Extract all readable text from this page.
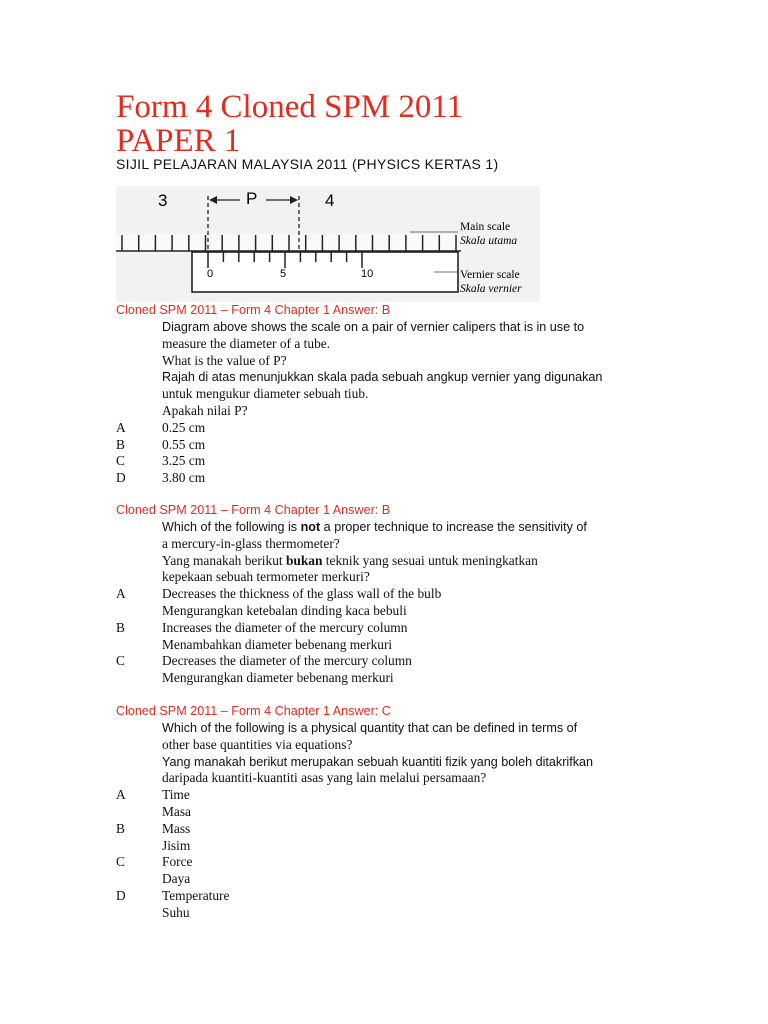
Form 4 Cloned SPM 2011
PAPER 1
SIJIL PELAJARAN MALAYSIA 2011 (PHYSICS KERTAS 1)
P
3	4
0	5	10
Main scale
Skala utama
Vernier scale
Skala vernier
Cloned SPM 2011 – Form 4 Chapter 1 Answer: B
Diagram above shows the scale on a pair of vernier calipers that is in use to
measure the diameter of a tube.
What is the value of P?
Rajah di atas menunjukkan skala pada sebuah angkup vernier yang digunakan
untuk mengukur diameter sebuah tiub.
Apakah nilai P?
A	0.25 cm
B	0.55 cm
C	3.25 cm
D	3.80 cm
Cloned SPM 2011 – Form 4 Chapter 1 Answer: B
Which of the following is not a proper technique to increase the sensitivity of
a mercury-in-glass thermometer?
Yang manakah berikut bukan teknik yang sesuai untuk meningkatkan
kepekaan sebuah termometer merkuri?
A	Decreases the thickness of the glass wall of the bulb
Mengurangkan ketebalan dinding kaca bebuli
B	Increases the diameter of the mercury column
Menambahkan diameter bebenang merkuri
C	Decreases the diameter of the mercury column
Mengurangkan diameter bebenang merkuri
Cloned SPM 2011 – Form 4 Chapter 1 Answer: C
Which of the following is a physical quantity that can be defined in terms of
other base quantities via equations?
Yang manakah berikut merupakan sebuah kuantiti fizik yang boleh ditakrifkan
daripada kuantiti-kuantiti asas yang lain melalui persamaan?
A	Time
Masa
B	Mass
Jisim
C	Force
Daya
D	Temperature
Suhu
